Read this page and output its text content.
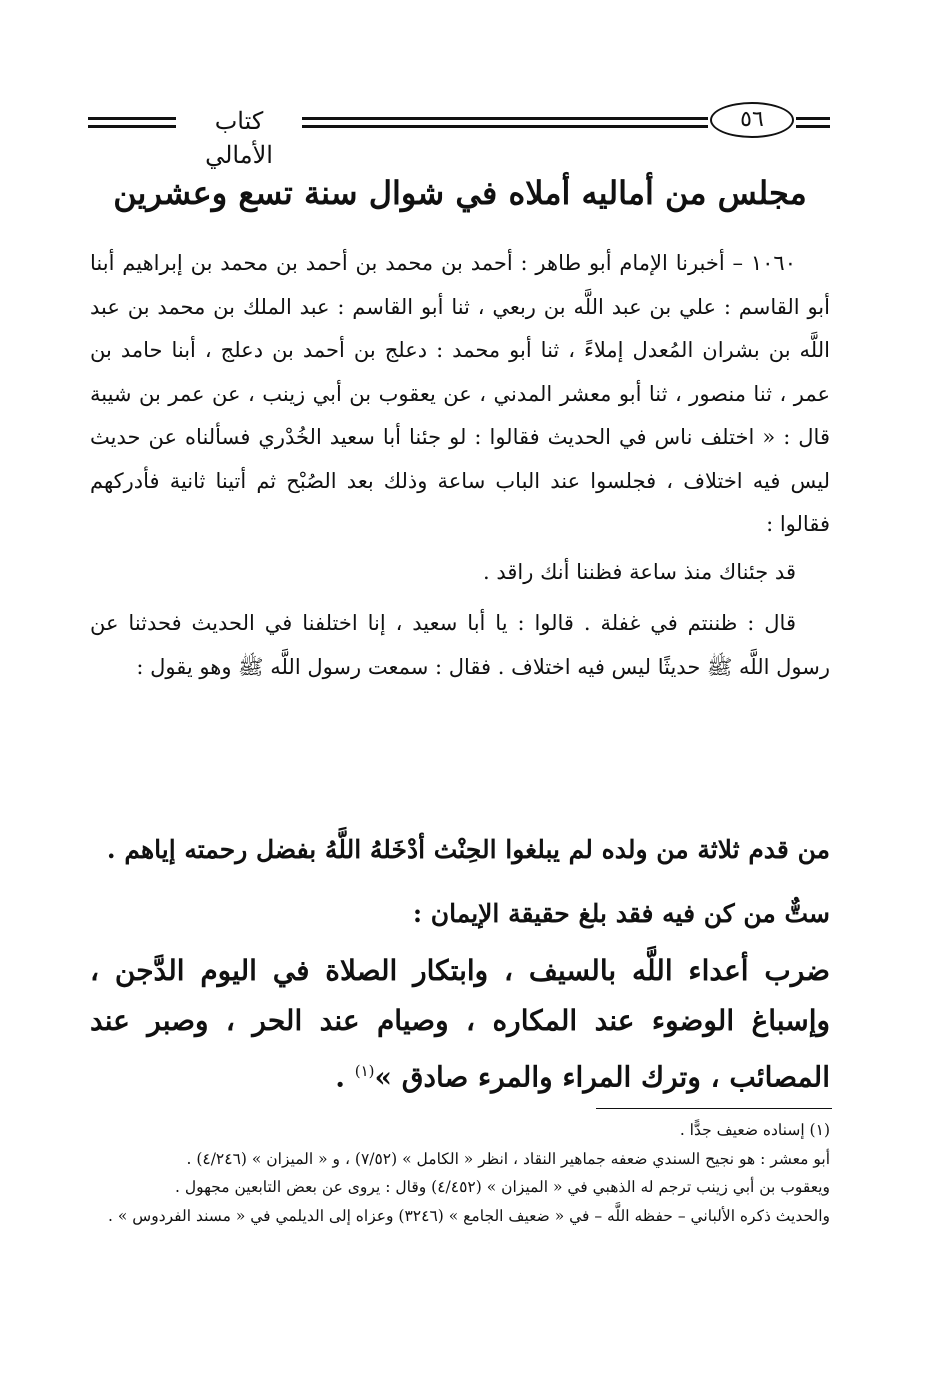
كتاب الأمالي
٥٦
مجلس من أماليه أملاه في شوال سنة تسع وعشرين

١٠٦٠ – أخبرنا الإمام أبو طاهر : أحمد بن محمد بن أحمد بن محمد بن إبراهيم أبنا أبو القاسم : علي بن عبد اللَّه بن ربعي ، ثنا أبو القاسم : عبد الملك بن محمد بن عبد اللَّه بن بشران المُعدل إملاءً ، ثنا أبو محمد : دعلج بن أحمد بن دعلج ، أبنا حامد بن عمر ، ثنا منصور ، ثنا أبو معشر المدني ، عن يعقوب بن أبي زينب ، عن عمر بن شيبة قال : « اختلف ناس في الحديث فقالوا : لو جئنا أبا سعيد الخُدْري فسألناه عن حديث ليس فيه اختلاف ، فجلسوا عند الباب ساعة وذلك بعد الصُبْح ثم أتينا ثانية فأدركهم فقالوا :

قد جئناك منذ ساعة فظننا أنك راقد .

قال : ظننتم في غفلة . قالوا : يا أبا سعيد ، إنا اختلفنا في الحديث فحدثنا عن رسول اللَّه ﷺ حديثًا ليس فيه اختلاف . فقال : سمعت رسول اللَّه ﷺ وهو يقول :

من قدم ثلاثة من ولده لم يبلغوا الحِنْث أدْخَلهُ اللَّهُ بفضل رحمته إياهم .
ستٌّ من كن فيه فقد بلغ حقيقة الإيمان :
ضرب أعداء اللَّه بالسيف ، وابتكار الصلاة في اليوم الدَّجن ، وإسباغ الوضوء عند المكاره ، وصيام عند الحر ، وصبر عند المصائب ، وترك المراء والمرء صادق »$^{(١)}$ .

(١) إسناده ضعيف جدًّا .

أبو معشر : هو نجيح السندي ضعفه جماهير النقاد ، انظر « الكامل » (٧/٥٢) ، و « الميزان » (٤/٢٤٦) .

ويعقوب بن أبي زينب ترجم له الذهبي في « الميزان » (٤/٤٥٢) وقال : يروى عن بعض التابعين مجهول .

والحديث ذكره الألباني – حفظه اللَّه – في « ضعيف الجامع » (٣٢٤٦) وعزاه إلى الديلمي في « مسند الفردوس » .
